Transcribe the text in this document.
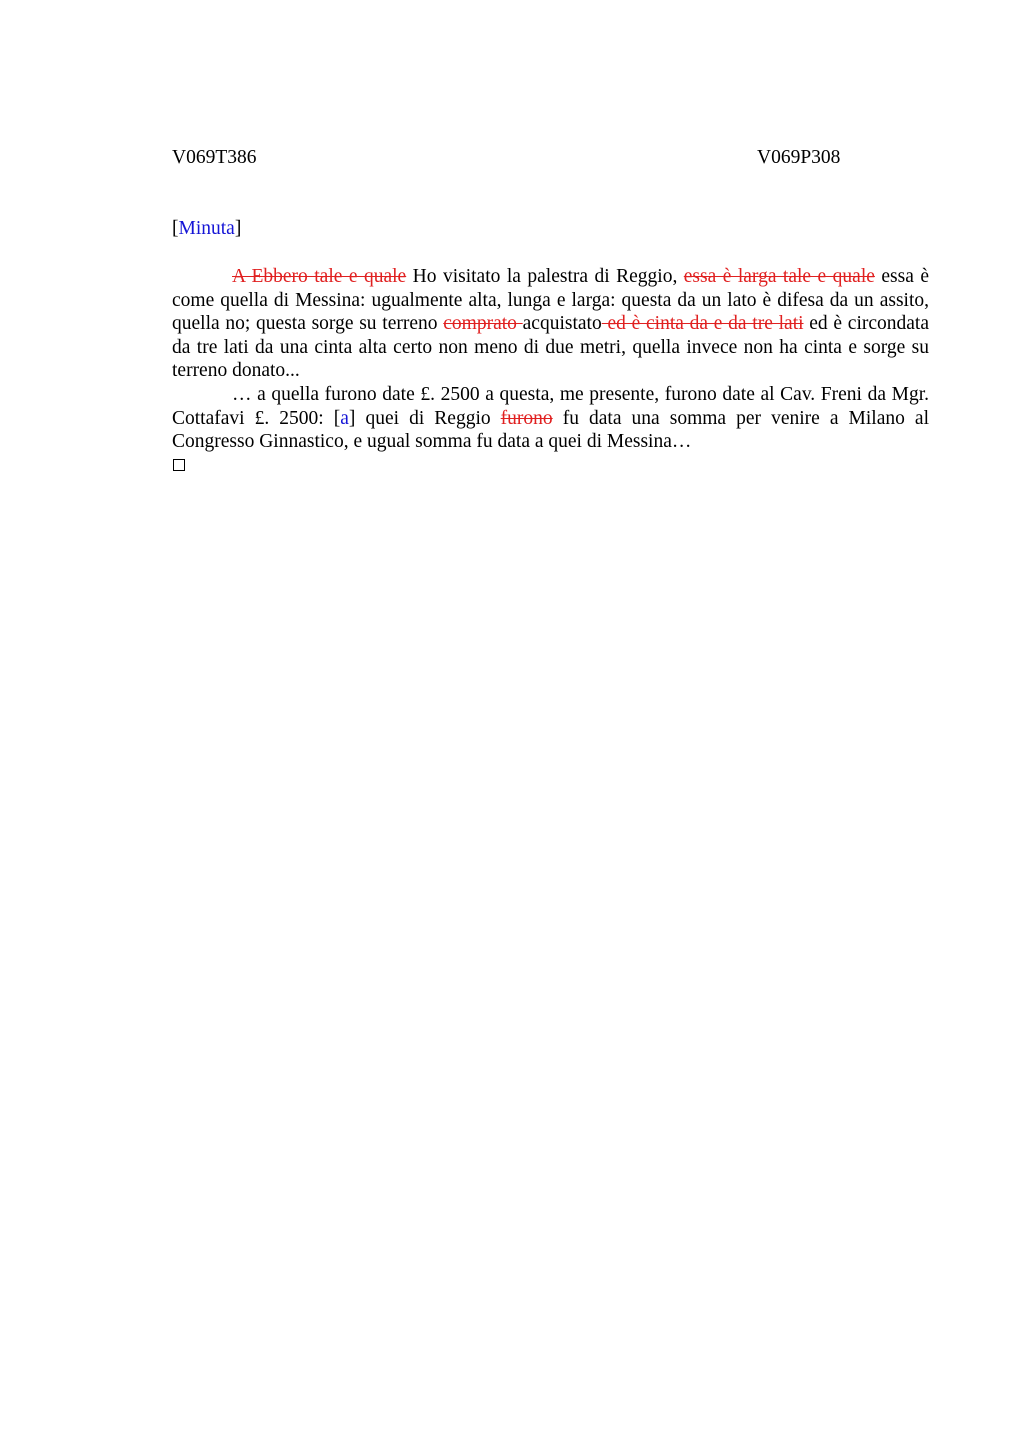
V069T386	V069P308
[Minuta]

A Ebbero tale e quale Ho visitato la palestra di Reggio, essa è larga tale e quale essa è come quella di Messina: ugualmente alta, lunga e larga: questa da un lato è difesa da un assito, quella no; questa sorge su terreno comprato acquistato ed è cinta da e da tre lati ed è circondata da tre lati da una cinta alta certo non meno di due metri, quella invece non ha cinta e sorge su terreno donato...

… a quella furono date £. 2500 a questa, me presente, furono date al Cav. Freni da Mgr. Cottafavi £. 2500: [a] quei di Reggio furono fu data una somma per venire a Milano al Congresso Ginnastico, e ugual somma fu data a quei di Messina…
